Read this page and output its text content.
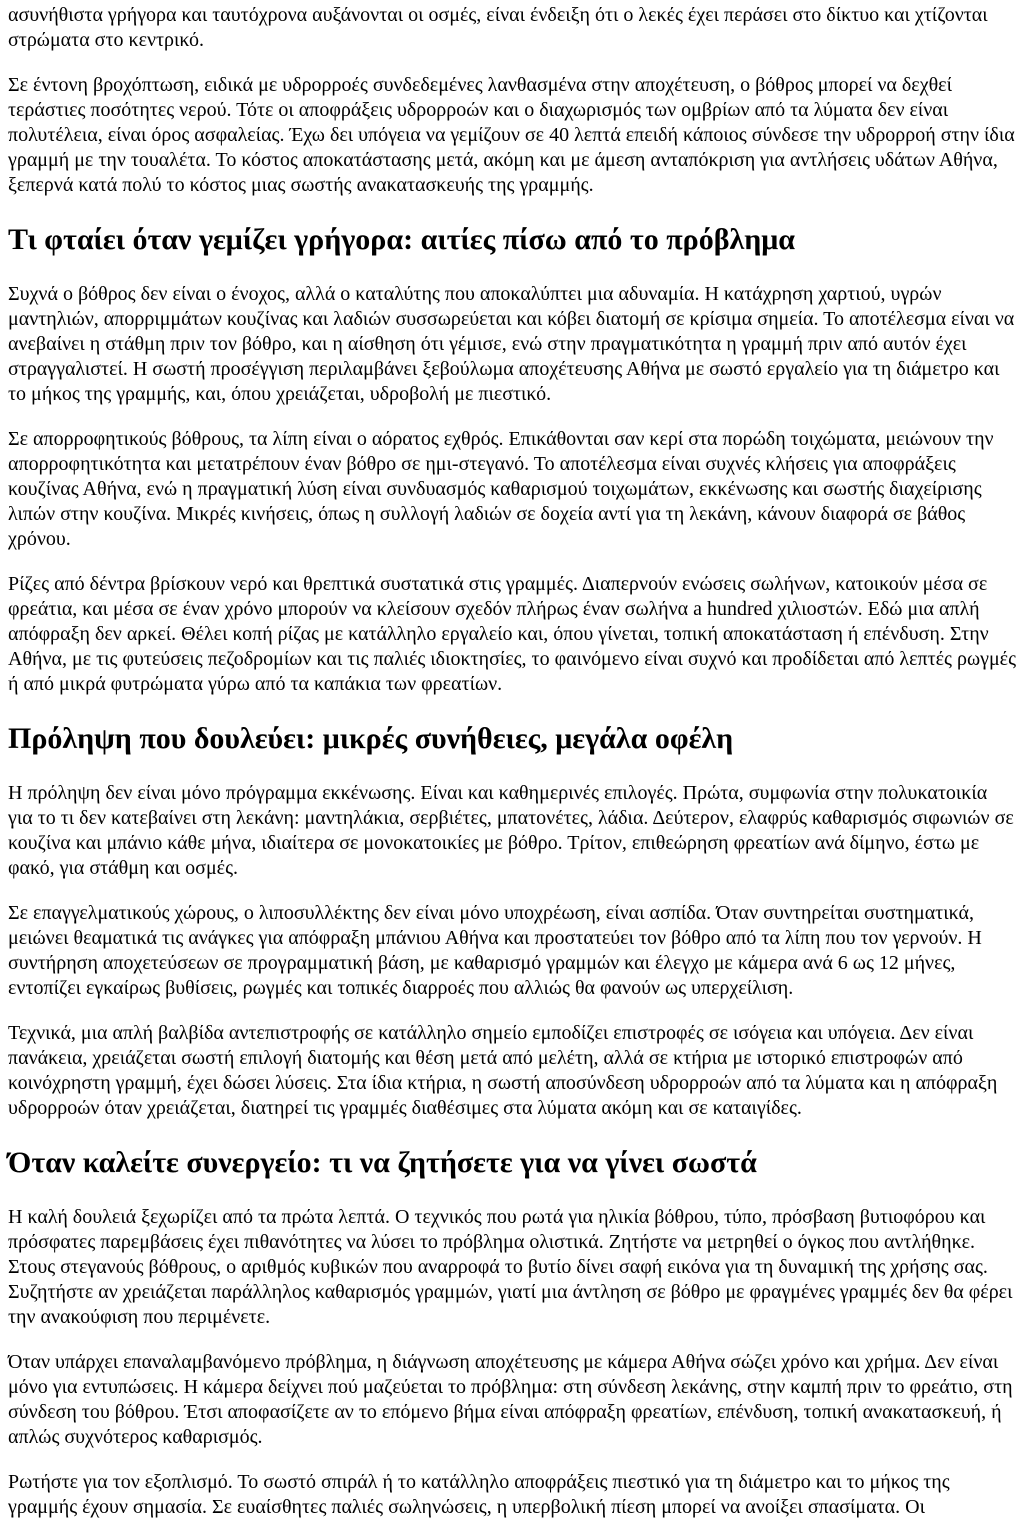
ασυνήθιστα γρήγορα και ταυτόχρονα αυξάνονται οι οσμές, είναι ένδειξη ότι ο λεκές έχει περάσει στο δίκτυο και χτίζονται στρώματα στο κεντρικό.

Σε έντονη βροχόπτωση, ειδικά με υδρορροές συνδεδεμένες λανθασμένα στην αποχέτευση, ο βόθρος μπορεί να δεχθεί τεράστιες ποσότητες νερού. Τότε οι αποφράξεις υδρορροών και ο διαχωρισμός των ομβρίων από τα λύματα δεν είναι πολυτέλεια, είναι όρος ασφαλείας. Έχω δει υπόγεια να γεμίζουν σε 40 λεπτά επειδή κάποιος σύνδεσε την υδρορροή στην ίδια γραμμή με την τουαλέτα. Το κόστος αποκατάστασης μετά, ακόμη και με άμεση ανταπόκριση για αντλήσεις υδάτων Αθήνα, ξεπερνά κατά πολύ το κόστος μιας σωστής ανακατασκευής της γραμμής.

Τι φταίει όταν γεμίζει γρήγορα: αιτίες πίσω από το πρόβλημα

Συχνά ο βόθρος δεν είναι ο ένοχος, αλλά ο καταλύτης που αποκαλύπτει μια αδυναμία. Η κατάχρηση χαρτιού, υγρών μαντηλιών, απορριμμάτων κουζίνας και λαδιών συσσωρεύεται και κόβει διατομή σε κρίσιμα σημεία. Το αποτέλεσμα είναι να ανεβαίνει η στάθμη πριν τον βόθρο, και η αίσθηση ότι γέμισε, ενώ στην πραγματικότητα η γραμμή πριν από αυτόν έχει στραγγαλιστεί. Η σωστή προσέγγιση περιλαμβάνει ξεβούλωμα αποχέτευσης Αθήνα με σωστό εργαλείο για τη διάμετρο και το μήκος της γραμμής, και, όπου χρειάζεται, υδροβολή με πιεστικό.

Σε απορροφητικούς βόθρους, τα λίπη είναι ο αόρατος εχθρός. Επικάθονται σαν κερί στα πορώδη τοιχώματα, μειώνουν την απορροφητικότητα και μετατρέπουν έναν βόθρο σε ημι-στεγανό. Το αποτέλεσμα είναι συχνές κλήσεις για αποφράξεις κουζίνας Αθήνα, ενώ η πραγματική λύση είναι συνδυασμός καθαρισμού τοιχωμάτων, εκκένωσης και σωστής διαχείρισης λιπών στην κουζίνα. Μικρές κινήσεις, όπως η συλλογή λαδιών σε δοχεία αντί για τη λεκάνη, κάνουν διαφορά σε βάθος χρόνου.

Ρίζες από δέντρα βρίσκουν νερό και θρεπτικά συστατικά στις γραμμές. Διαπερνούν ενώσεις σωλήνων, κατοικούν μέσα σε φρεάτια, και μέσα σε έναν χρόνο μπορούν να κλείσουν σχεδόν πλήρως έναν σωλήνα a hundred χιλιοστών. Εδώ μια απλή απόφραξη δεν αρκεί. Θέλει κοπή ρίζας με κατάλληλο εργαλείο και, όπου γίνεται, τοπική αποκατάσταση ή επένδυση. Στην Αθήνα, με τις φυτεύσεις πεζοδρομίων και τις παλιές ιδιοκτησίες, το φαινόμενο είναι συχνό και προδίδεται από λεπτές ρωγμές ή από μικρά φυτρώματα γύρω από τα καπάκια των φρεατίων.

Πρόληψη που δουλεύει: μικρές συνήθειες, μεγάλα οφέλη

Η πρόληψη δεν είναι μόνο πρόγραμμα εκκένωσης. Είναι και καθημερινές επιλογές. Πρώτα, συμφωνία στην πολυκατοικία για το τι δεν κατεβαίνει στη λεκάνη: μαντηλάκια, σερβιέτες, μπατονέτες, λάδια. Δεύτερον, ελαφρύς καθαρισμός σιφωνιών σε κουζίνα και μπάνιο κάθε μήνα, ιδιαίτερα σε μονοκατοικίες με βόθρο. Τρίτον, επιθεώρηση φρεατίων ανά δίμηνο, έστω με φακό, για στάθμη και οσμές.

Σε επαγγελματικούς χώρους, ο λιποσυλλέκτης δεν είναι μόνο υποχρέωση, είναι ασπίδα. Όταν συντηρείται συστηματικά, μειώνει θεαματικά τις ανάγκες για απόφραξη μπάνιου Αθήνα και προστατεύει τον βόθρο από τα λίπη που τον γερνούν. Η συντήρηση αποχετεύσεων σε προγραμματική βάση, με καθαρισμό γραμμών και έλεγχο με κάμερα ανά 6 ως 12 μήνες, εντοπίζει εγκαίρως βυθίσεις, ρωγμές και τοπικές διαρροές που αλλιώς θα φανούν ως υπερχείλιση.

Τεχνικά, μια απλή βαλβίδα αντεπιστροφής σε κατάλληλο σημείο εμποδίζει επιστροφές σε ισόγεια και υπόγεια. Δεν είναι πανάκεια, χρειάζεται σωστή επιλογή διατομής και θέση μετά από μελέτη, αλλά σε κτήρια με ιστορικό επιστροφών από κοινόχρηστη γραμμή, έχει δώσει λύσεις. Στα ίδια κτήρια, η σωστή αποσύνδεση υδρορροών από τα λύματα και η απόφραξη υδρορροών όταν χρειάζεται, διατηρεί τις γραμμές διαθέσιμες στα λύματα ακόμη και σε καταιγίδες.

Όταν καλείτε συνεργείο: τι να ζητήσετε για να γίνει σωστά

Η καλή δουλειά ξεχωρίζει από τα πρώτα λεπτά. Ο τεχνικός που ρωτά για ηλικία βόθρου, τύπο, πρόσβαση βυτιοφόρου και πρόσφατες παρεμβάσεις έχει πιθανότητες να λύσει το πρόβλημα ολιστικά. Ζητήστε να μετρηθεί ο όγκος που αντλήθηκε. Στους στεγανούς βόθρους, ο αριθμός κυβικών που αναρροφά το βυτίο δίνει σαφή εικόνα για τη δυναμική της χρήσης σας. Συζητήστε αν χρειάζεται παράλληλος καθαρισμός γραμμών, γιατί μια άντληση σε βόθρο με φραγμένες γραμμές δεν θα φέρει την ανακούφιση που περιμένετε.

Όταν υπάρχει επαναλαμβανόμενο πρόβλημα, η διάγνωση αποχέτευσης με κάμερα Αθήνα σώζει χρόνο και χρήμα. Δεν είναι μόνο για εντυπώσεις. Η κάμερα δείχνει πού μαζεύεται το πρόβλημα: στη σύνδεση λεκάνης, στην καμπή πριν το φρεάτιο, στη σύνδεση του βόθρου. Έτσι αποφασίζετε αν το επόμενο βήμα είναι απόφραξη φρεατίων, επένδυση, τοπική ανακατασκευή, ή απλώς συχνότερος καθαρισμός.

Ρωτήστε για τον εξοπλισμό. Το σωστό σπιράλ ή το κατάλληλο αποφράξεις πιεστικό για τη διάμετρο και το μήκος της γραμμής έχουν σημασία. Σε ευαίσθητες παλιές σωληνώσεις, η υπερβολική πίεση μπορεί να ανοίξει σπασίματα. Οι
